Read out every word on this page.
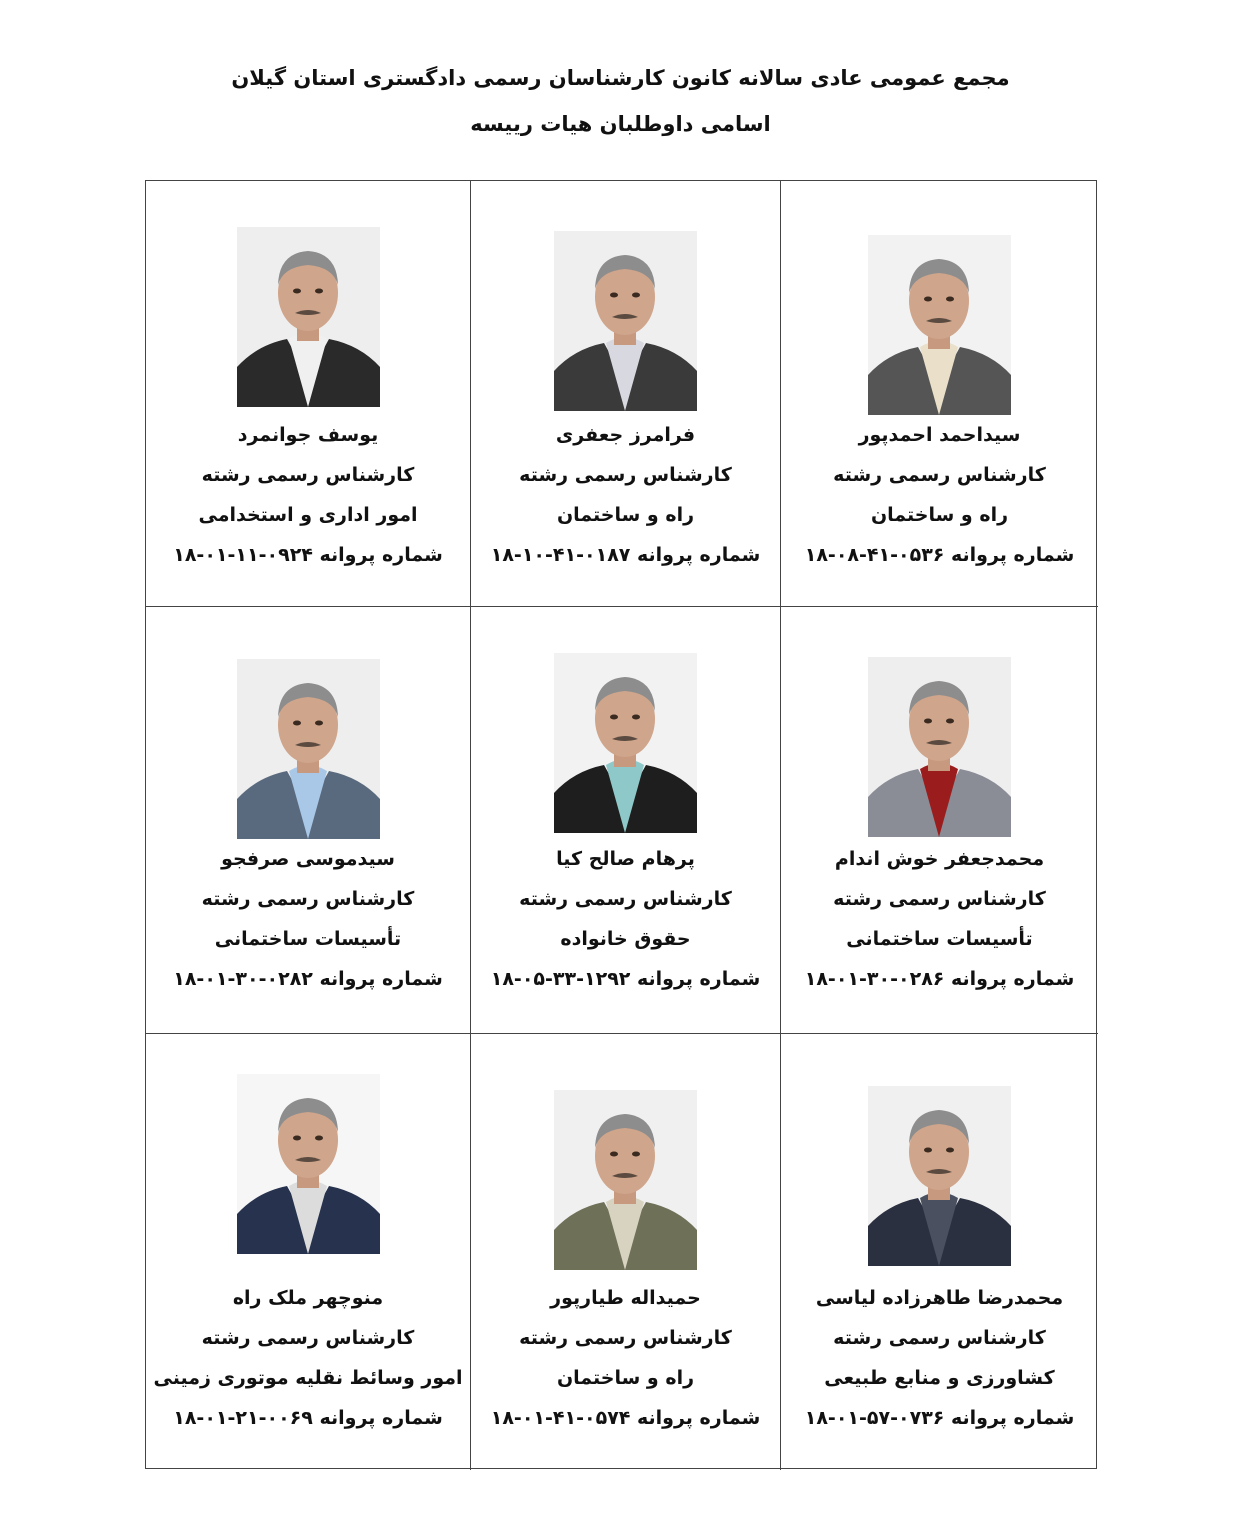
مجمع عمومی عادی سالانه کانون کارشناسان رسمی دادگستری استان گیلان
اسامی داوطلبان هیات رییسه
یوسف جوانمرد
کارشناس رسمی رشته
امور اداری و استخدامی
شماره پروانه ۰۹۲۴-۱۱-۰۱-۱۸
فرامرز جعفری
کارشناس رسمی رشته
راه و ساختمان
شماره پروانه ۰۱۸۷-۴۱-۱۰-۱۸
سیداحمد احمدپور
کارشناس رسمی رشته
راه و ساختمان
شماره پروانه ۰۵۳۶-۴۱-۰۸-۱۸
سیدموسی صرفجو
کارشناس رسمی رشته
تأسیسات ساختمانی
شماره پروانه ۰۲۸۲-۳۰-۰۱-۱۸
پرهام صالح کیا
کارشناس رسمی رشته
حقوق خانواده
شماره پروانه ۱۲۹۲-۳۳-۰۵-۱۸
محمدجعفر خوش اندام
کارشناس رسمی رشته
تأسیسات ساختمانی
شماره پروانه ۰۲۸۶-۳۰-۰۱-۱۸
منوچهر ملک راه
کارشناس رسمی رشته
امور وسائط نقلیه موتوری زمینی
شماره پروانه ۰۰۶۹-۲۱-۰۱-۱۸
حمیداله طیارپور
کارشناس رسمی رشته
راه و ساختمان
شماره پروانه ۰۵۷۴-۴۱-۰۱-۱۸
محمدرضا طاهرزاده لیاسی
کارشناس رسمی رشته
کشاورزی و منابع طبیعی
شماره پروانه ۰۷۳۶-۵۷-۰۱-۱۸
